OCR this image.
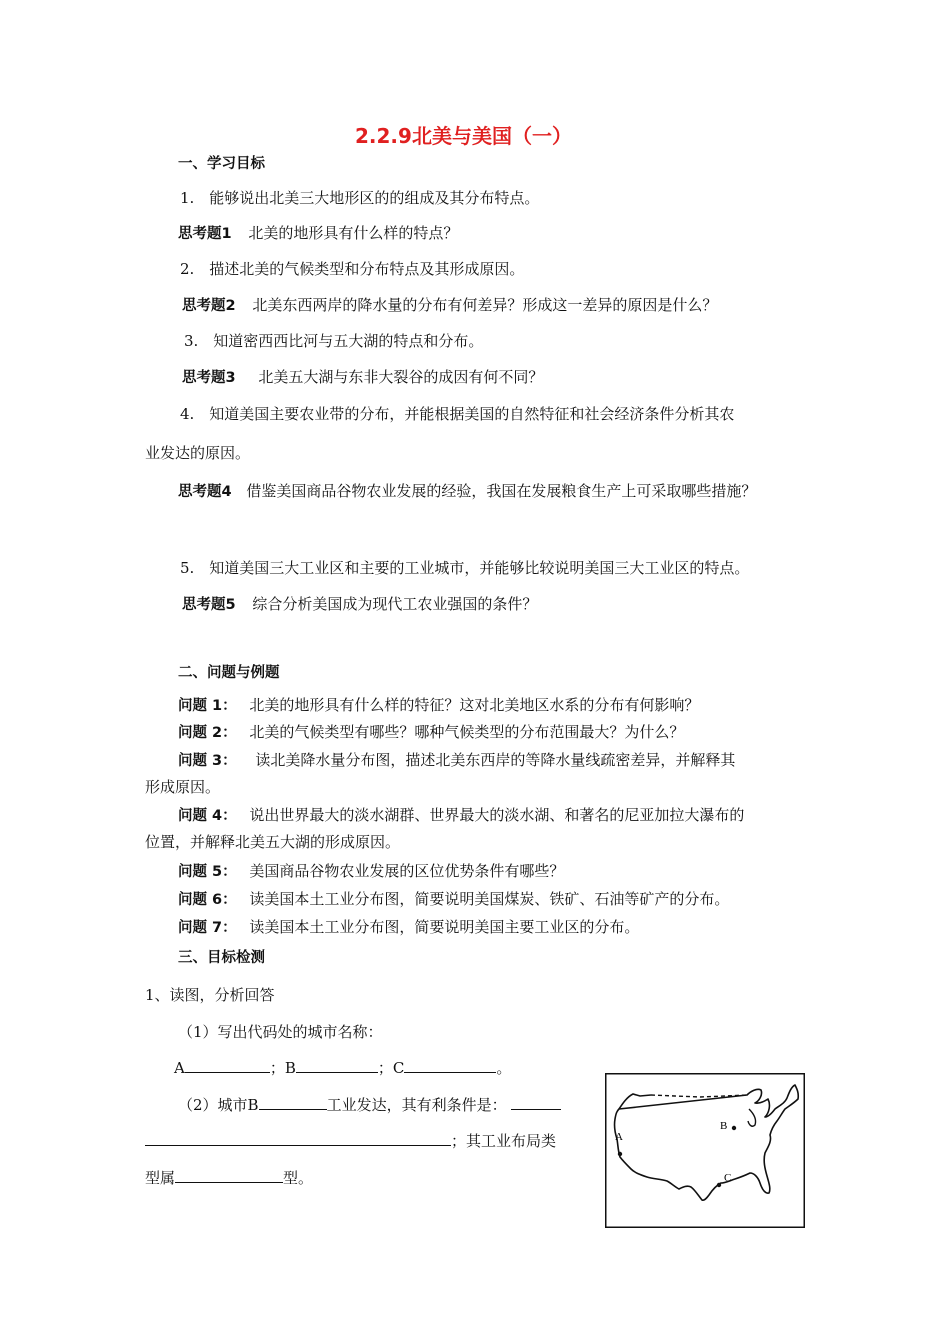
2.2.9北美与美国（一）
一、学习目标
1.　能够说出北美三大地形区的的组成及其分布特点。
思考题1 北美的地形具有什么样的特点？
2.　描述北美的气候类型和分布特点及其形成原因。
思考题2 北美东西两岸的降水量的分布有何差异？形成这一差异的原因是什么？
3.　知道密西西比河与五大湖的特点和分布。
思考题3 北美五大湖与东非大裂谷的成因有何不同？
4.　知道美国主要农业带的分布，并能根据美国的自然特征和社会经济条件分析其农
业发达的原因。
思考题4 借鉴美国商品谷物农业发展的经验，我国在发展粮食生产上可采取哪些措施？
5.　知道美国三大工业区和主要的工业城市，并能够比较说明美国三大工业区的特点。
思考题5 综合分析美国成为现代工农业强国的条件？
二、问题与例题
问题 1： 北美的地形具有什么样的特征？这对北美地区水系的分布有何影响？
问题 2： 北美的气候类型有哪些？哪种气候类型的分布范围最大？为什么？
问题 3： 读北美降水量分布图，描述北美东西岸的等降水量线疏密差异，并解释其
形成原因。
问题 4： 说出世界最大的淡水湖群、世界最大的淡水湖、和著名的尼亚加拉大瀑布的
位置，并解释北美五大湖的形成原因。
问题 5： 美国商品谷物农业发展的区位优势条件有哪些？
问题 6： 读美国本土工业分布图，简要说明美国煤炭、铁矿、石油等矿产的分布。
问题 7： 读美国本土工业分布图，简要说明美国主要工业区的分布。
三、目标检测
1、读图，分析回答
（1）写出代码处的城市名称：
A	；B	；C	。
（2）城市B	工业发达，其有利条件是：
；其工业布局类
型属	型。
A
B
C
